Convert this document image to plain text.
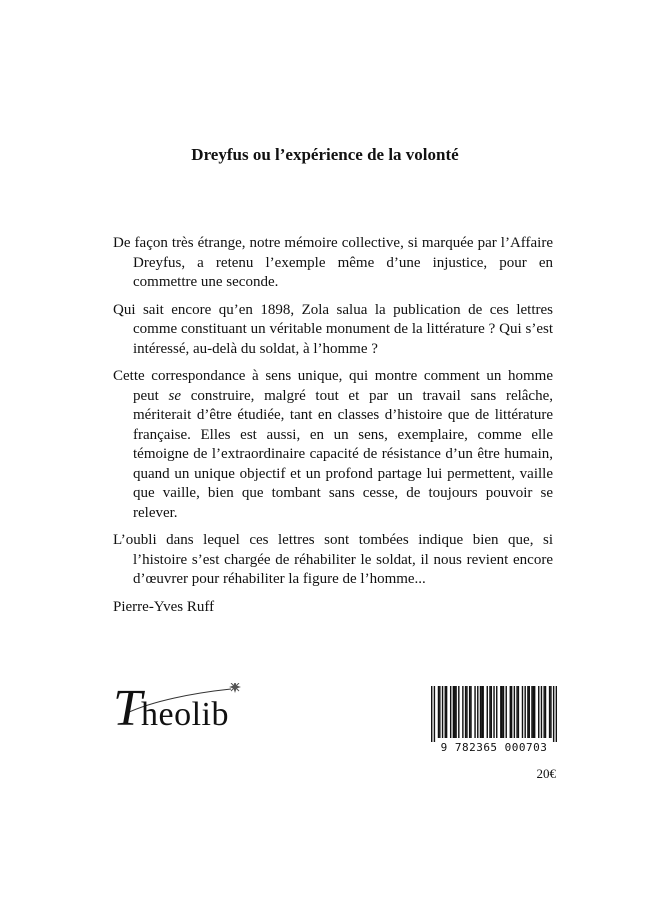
Dreyfus ou l’expérience de la volonté

De façon très étrange, notre mémoire collective, si marquée par l’Affaire Dreyfus, a retenu l’exemple même d’une injustice, pour en commettre une seconde.

Qui sait encore qu’en 1898, Zola salua la publication de ces lettres comme constituant un véritable monument de la littérature ? Qui s’est intéressé, au-delà du soldat, à l’homme ?

Cette correspondance à sens unique, qui montre comment un homme peut se construire, malgré tout et par un travail sans relâche, mériterait d’être étudiée, tant en classes d’histoire que de littérature française. Elles est aussi, en un sens, exemplaire, comme elle témoigne de l’extraordinaire capacité de résistance d’un être humain, quand un unique objectif et un profond partage lui permettent, vaille que vaille, bien que tombant sans cesse, de toujours pouvoir se relever.

L’oubli dans lequel ces lettres sont tombées indique bien que, si l’histoire s’est chargée de réhabiliter le soldat, il nous revient encore d’œuvrer pour réhabiliter la figure de l’homme...

Pierre-Yves Ruff

T heolib
9 782365 000703
20€
